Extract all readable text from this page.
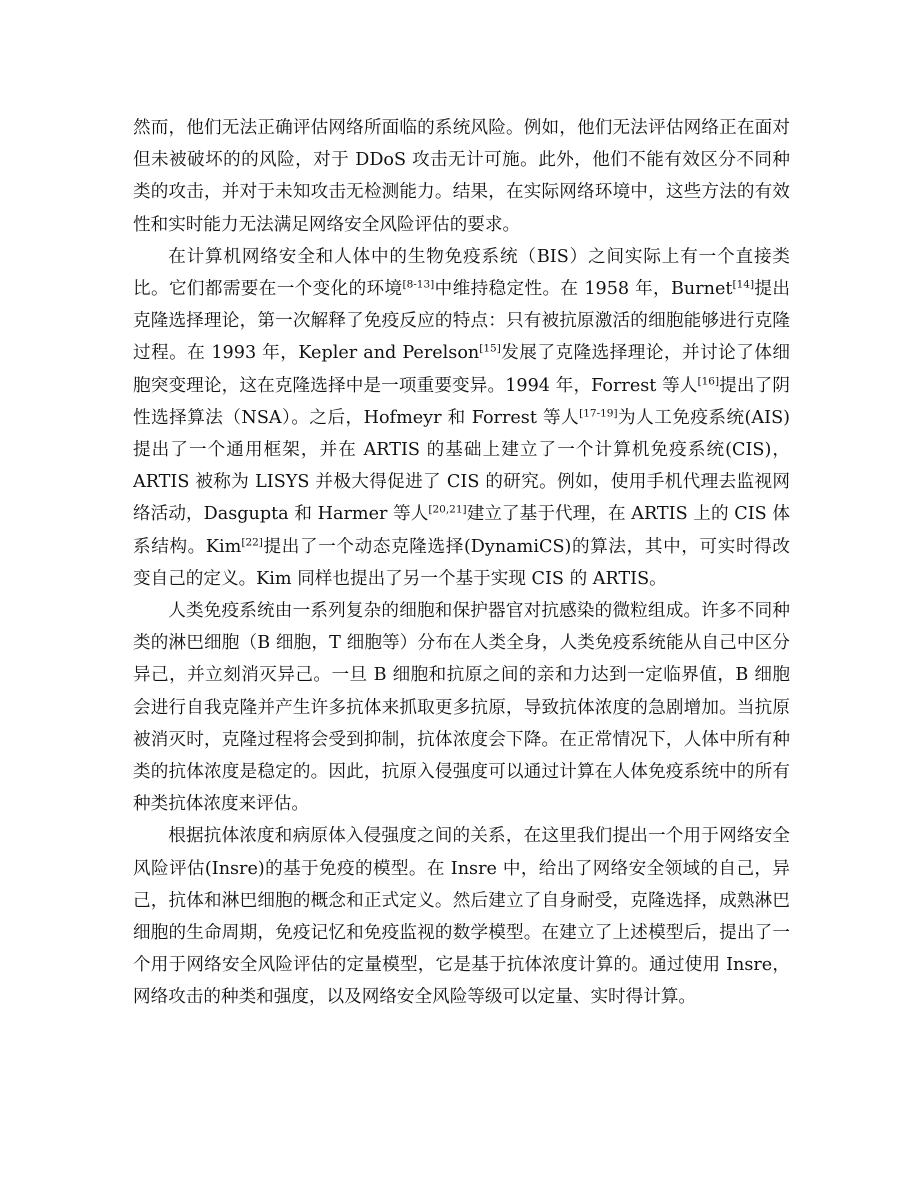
然而，他们无法正确评估网络所面临的系统风险。例如，他们无法评估网络正在面对但未被破坏的的风险，对于 DDoS 攻击无计可施。此外，他们不能有效区分不同种类的攻击，并对于未知攻击无检测能力。结果，在实际网络环境中，这些方法的有效性和实时能力无法满足网络安全风险评估的要求。

在计算机网络安全和人体中的生物免疫系统（BIS）之间实际上有一个直接类比。它们都需要在一个变化的环境[8-13]中维持稳定性。在 1958 年，Burnet[14]提出克隆选择理论，第一次解释了免疫反应的特点：只有被抗原激活的细胞能够进行克隆过程。在 1993 年，Kepler and Perelson[15]发展了克隆选择理论，并讨论了体细胞突变理论，这在克隆选择中是一项重要变异。1994 年，Forrest 等人[16]提出了阴性选择算法（NSA）。之后，Hofmeyr 和 Forrest 等人[17-19]为人工免疫系统(AIS)提出了一个通用框架，并在 ARTIS 的基础上建立了一个计算机免疫系统(CIS)，ARTIS 被称为 LISYS 并极大得促进了 CIS 的研究。例如，使用手机代理去监视网络活动，Dasgupta 和 Harmer 等人[20,21]建立了基于代理，在 ARTIS 上的 CIS 体系结构。Kim[22]提出了一个动态克隆选择(DynamiCS)的算法，其中，可实时得改变自己的定义。Kim 同样也提出了另一个基于实现 CIS 的 ARTIS。

人类免疫系统由一系列复杂的细胞和保护器官对抗感染的微粒组成。许多不同种类的淋巴细胞（B 细胞，T 细胞等）分布在人类全身，人类免疫系统能从自己中区分异己，并立刻消灭异己。一旦 B 细胞和抗原之间的亲和力达到一定临界值，B 细胞会进行自我克隆并产生许多抗体来抓取更多抗原，导致抗体浓度的急剧增加。当抗原被消灭时，克隆过程将会受到抑制，抗体浓度会下降。在正常情况下，人体中所有种类的抗体浓度是稳定的。因此，抗原入侵强度可以通过计算在人体免疫系统中的所有种类抗体浓度来评估。

根据抗体浓度和病原体入侵强度之间的关系，在这里我们提出一个用于网络安全风险评估(Insre)的基于免疫的模型。在 Insre 中，给出了网络安全领域的自己，异己，抗体和淋巴细胞的概念和正式定义。然后建立了自身耐受，克隆选择，成熟淋巴细胞的生命周期，免疫记忆和免疫监视的数学模型。在建立了上述模型后，提出了一个用于网络安全风险评估的定量模型，它是基于抗体浓度计算的。通过使用 Insre，网络攻击的种类和强度，以及网络安全风险等级可以定量、实时得计算。
